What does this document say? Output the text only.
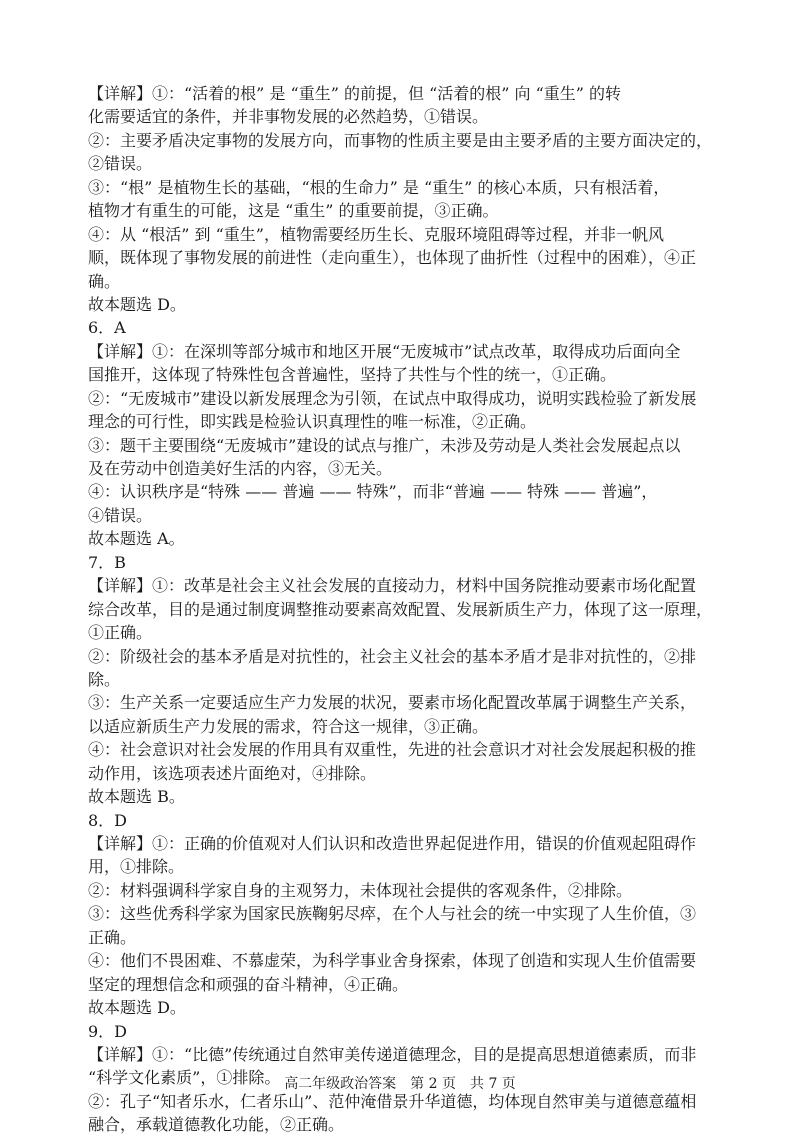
【详解】①：“活着的根” 是 “重生” 的前提，但 “活着的根” 向 “重生” 的转
化需要适宜的条件，并非事物发展的必然趋势，①错误。
②：主要矛盾决定事物的发展方向，而事物的性质主要是由主要矛盾的主要方面决定的，
②错误。
③：“根” 是植物生长的基础，“根的生命力” 是 “重生” 的核心本质，只有根活着，
植物才有重生的可能，这是 “重生” 的重要前提，③正确。
④：从 “根活” 到 “重生”，植物需要经历生长、克服环境阻碍等过程，并非一帆风
顺，既体现了事物发展的前进性（走向重生），也体现了曲折性（过程中的困难），④正
确。
故本题选 D。
6．A
【详解】①：在深圳等部分城市和地区开展“无废城市”试点改革，取得成功后面向全
国推开，这体现了特殊性包含普遍性，坚持了共性与个性的统一，①正确。
②：“无废城市”建设以新发展理念为引领，在试点中取得成功，说明实践检验了新发展
理念的可行性，即实践是检验认识真理性的唯一标准，②正确。
③：题干主要围绕“无废城市”建设的试点与推广，未涉及劳动是人类社会发展起点以
及在劳动中创造美好生活的内容，③无关。
④：认识秩序是“特殊 —— 普遍 —— 特殊”，而非“普遍 —— 特殊 —— 普遍”，
④错误。
故本题选 A。
7．B
【详解】①：改革是社会主义社会发展的直接动力，材料中国务院推动要素市场化配置
综合改革，目的是通过制度调整推动要素高效配置、发展新质生产力，体现了这一原理，
①正确。
②：阶级社会的基本矛盾是对抗性的，社会主义社会的基本矛盾才是非对抗性的，②排
除。
③：生产关系一定要适应生产力发展的状况，要素市场化配置改革属于调整生产关系，
以适应新质生产力发展的需求，符合这一规律，③正确。
④：社会意识对社会发展的作用具有双重性，先进的社会意识才对社会发展起积极的推
动作用，该选项表述片面绝对，④排除。
故本题选 B。
8．D
【详解】①：正确的价值观对人们认识和改造世界起促进作用，错误的价值观起阻碍作
用，①排除。
②：材料强调科学家自身的主观努力，未体现社会提供的客观条件，②排除。
③：这些优秀科学家为国家民族鞠躬尽瘁，在个人与社会的统一中实现了人生价值，③
正确。
④：他们不畏困难、不慕虚荣，为科学事业舍身探索，体现了创造和实现人生价值需要
坚定的理想信念和顽强的奋斗精神，④正确。
故本题选 D。
9．D
【详解】①：“比德”传统通过自然审美传递道德理念，目的是提高思想道德素质，而非
“科学文化素质”，①排除。
②：孔子“知者乐水，仁者乐山”、范仲淹借景升华道德，均体现自然审美与道德意蕴相
融合，承载道德教化功能，②正确。
高二年级政治答案　第 2 页　共 7 页
